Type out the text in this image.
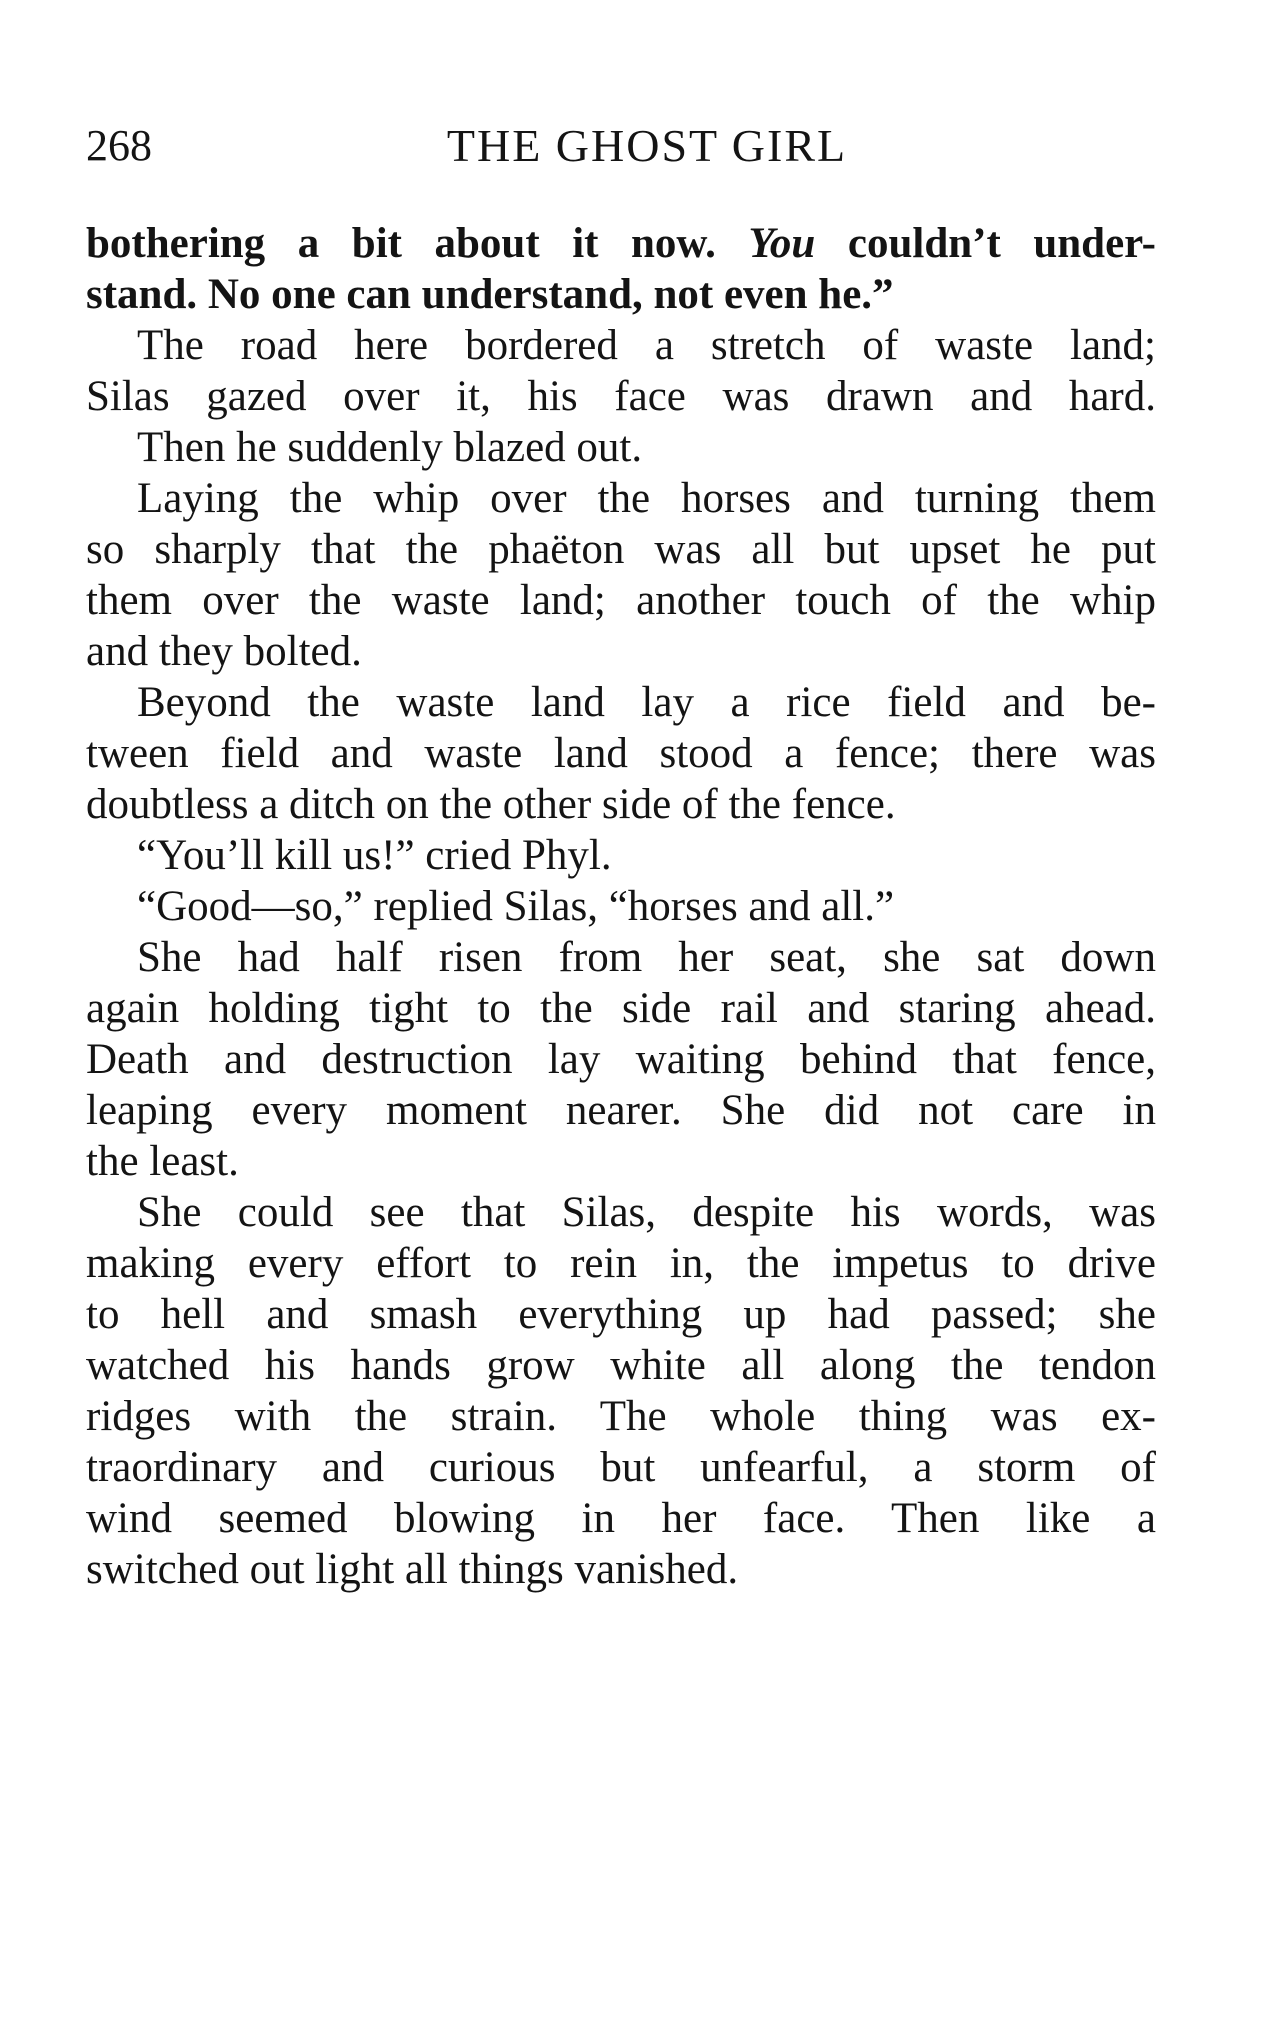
268	THE GHOST GIRL
bothering a bit about it now. You couldn’t under-
stand. No one can understand, not even he.”
The road here bordered a stretch of waste land;
Silas gazed over it, his face was drawn and hard.
Then he suddenly blazed out.
Laying the whip over the horses and turning them
so sharply that the phaëton was all but upset he put
them over the waste land; another touch of the whip
and they bolted.
Beyond the waste land lay a rice field and be-
tween field and waste land stood a fence; there was
doubtless a ditch on the other side of the fence.
“You’ll kill us!” cried Phyl.
“Good—so,” replied Silas, “horses and all.”
She had half risen from her seat, she sat down
again holding tight to the side rail and staring ahead.
Death and destruction lay waiting behind that fence,
leaping every moment nearer. She did not care in
the least.
She could see that Silas, despite his words, was
making every effort to rein in, the impetus to drive
to hell and smash everything up had passed; she
watched his hands grow white all along the tendon
ridges with the strain. The whole thing was ex-
traordinary and curious but unfearful, a storm of
wind seemed blowing in her face. Then like a
switched out light all things vanished.
